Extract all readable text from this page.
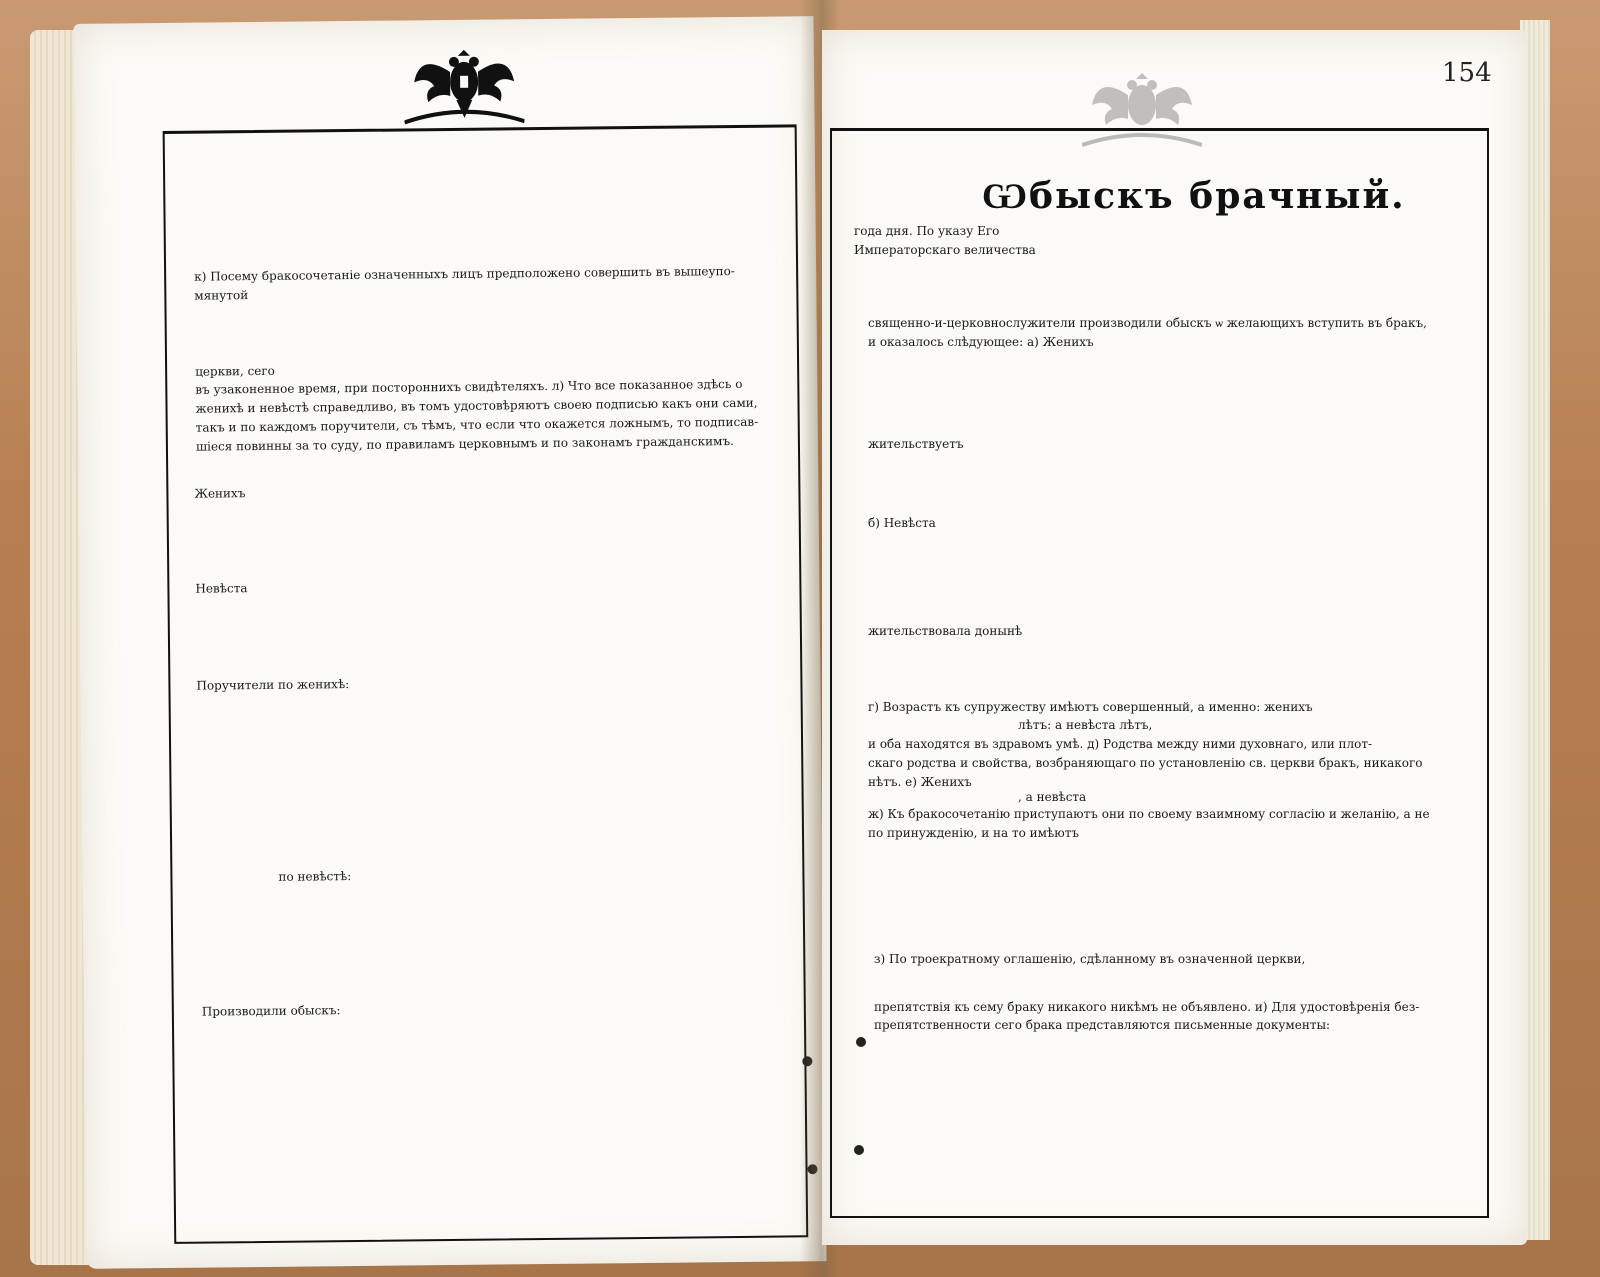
к) Посему бракосочетаніе означенныхъ лицъ предположено совершить въ вышеупо-
мянутой
церкви, сего
въ узаконенное время, при постороннихъ свидѣтеляхъ. л) Что все показанное здѣсь о
женихѣ и невѣстѣ справедливо, въ томъ удостовѣряютъ своею подписью какъ они сами,
такъ и по каждомъ поручители, съ тѣмъ, что если что окажется ложнымъ, то подписав-
шіеся повинны за то суду, по правиламъ церковнымъ и по законамъ гражданскимъ.
Женихъ
Невѣста
Поручители по женихѣ:
по невѣстѣ:
Производили обыскъ:
154
Ѡбыскъ брачный.
года дня. По указу Его
Императорскаго величества
священно-и-церковнослужители производили обыскъ ѡ желающихъ вступить въ бракъ,
и оказалось слѣдующее: а) Женихъ
жительствуетъ
б) Невѣста
жительствовала донынѣ
г) Возрастъ къ супружеству имѣютъ совершенный, а именно: женихъ
лѣтъ: а невѣста лѣтъ,
и оба находятся въ здравомъ умѣ. д) Родства между ними духовнаго, или плот-
скаго родства и свойства, возбраняющаго по установленію св. церкви бракъ, никакого
нѣтъ. е) Женихъ
, а невѣста
ж) Къ бракосочетанію приступаютъ они по своему взаимному согласію и желанію, а не
по принужденію, и на то имѣютъ
з) По троекратному оглашенію, сдѣланному въ означенной церкви,
препятствія къ сему браку никакого никѣмъ не объявлено. и) Для удостовѣренія без-
препятственности сего брака представляются письменные документы:
